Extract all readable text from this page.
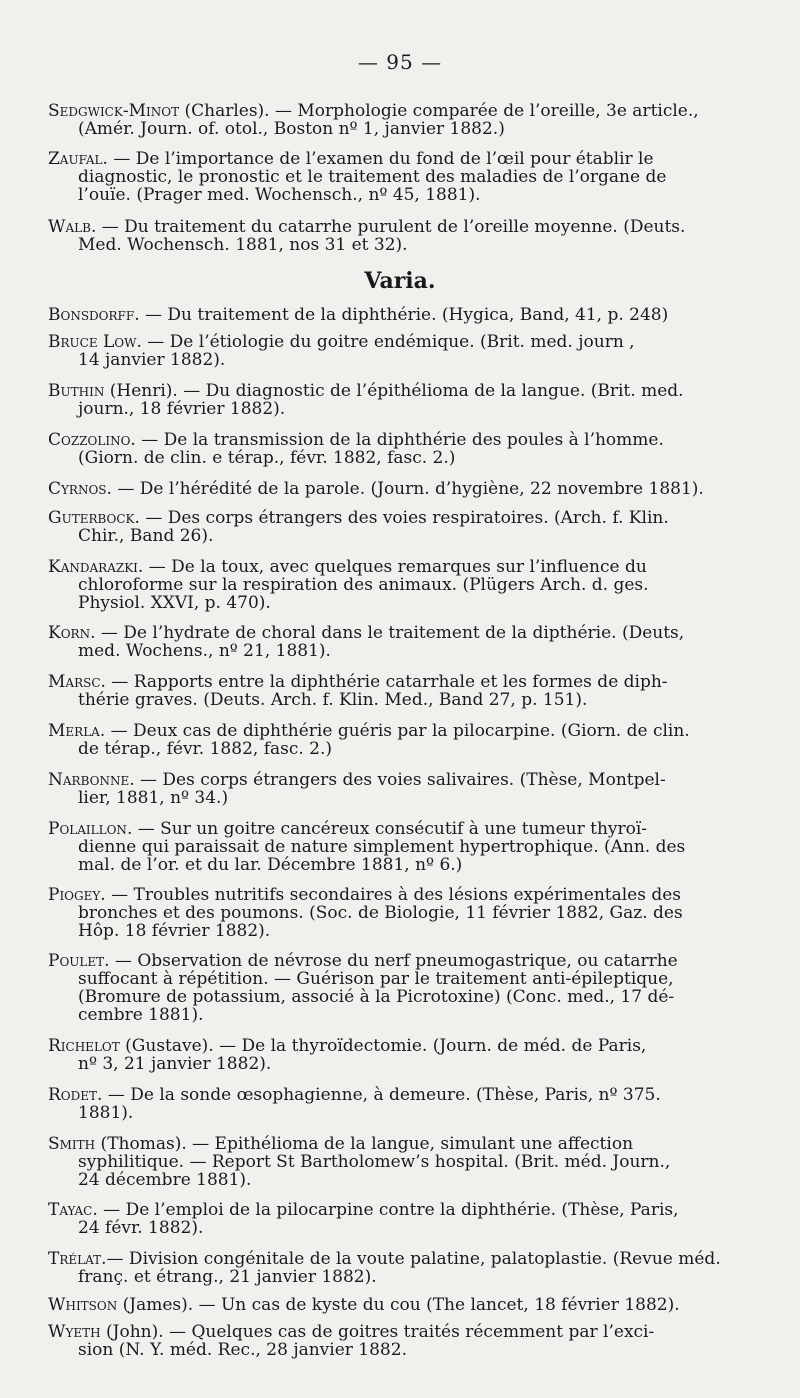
— 95 —
Varia.
Sedgwick-Minot (Charles). — Morphologie comparée de l’oreille, 3e article.,
(Amér. Journ. of. otol., Boston nº 1, janvier 1882.)
Zaufal. — De l’importance de l’examen du fond de l’œil pour établir le
diagnostic, le pronostic et le traitement des maladies de l’organe de
l’ouïe. (Prager med. Wochensch., nº 45, 1881).
Walb. — Du traitement du catarrhe purulent de l’oreille moyenne. (Deuts.
Med. Wochensch. 1881, nos 31 et 32).
Bonsdorff. — Du traitement de la diphthérie. (Hygica, Band, 41, p. 248)
Bruce Low. — De l’étiologie du goitre endémique. (Brit. med. journ ,
14 janvier 1882).
Buthin (Henri). — Du diagnostic de l’épithélioma de la langue. (Brit. med.
journ., 18 février 1882).
Cozzolino. — De la transmission de la diphthérie des poules à l’homme.
(Giorn. de clin. e térap., févr. 1882, fasc. 2.)
Cyrnos. — De l’hérédité de la parole. (Journ. d’hygiène, 22 novembre 1881).
Guterbock. — Des corps étrangers des voies respiratoires. (Arch. f. Klin.
Chir., Band 26).
Kandarazki. — De la toux, avec quelques remarques sur l’influence du
chloroforme sur la respiration des animaux. (Plügers Arch. d. ges.
Physiol. XXVI, p. 470).
Korn. — De l’hydrate de choral dans le traitement de la dipthérie. (Deuts,
med. Wochens., nº 21, 1881).
Marsc. — Rapports entre la diphthérie catarrhale et les formes de diph-
thérie graves. (Deuts. Arch. f. Klin. Med., Band 27, p. 151).
Merla. — Deux cas de diphthérie guéris par la pilocarpine. (Giorn. de clin.
de térap., févr. 1882, fasc. 2.)
Narbonne. — Des corps étrangers des voies salivaires. (Thèse, Montpel-
lier, 1881, nº 34.)
Polaillon. — Sur un goitre cancéreux consécutif à une tumeur thyroï-
dienne qui paraissait de nature simplement hypertrophique. (Ann. des
mal. de l’or. et du lar. Décembre 1881, nº 6.)
Piogey. — Troubles nutritifs secondaires à des lésions expérimentales des
bronches et des poumons. (Soc. de Biologie, 11 février 1882, Gaz. des
Hôp. 18 février 1882).
Poulet. — Observation de névrose du nerf pneumogastrique, ou catarrhe
suffocant à répétition. — Guérison par le traitement anti-épileptique,
(Bromure de potassium, associé à la Picrotoxine) (Conc. med., 17 dé-
cembre 1881).
Richelot (Gustave). — De la thyroïdectomie. (Journ. de méd. de Paris,
nº 3, 21 janvier 1882).
Rodet. — De la sonde œsophagienne, à demeure. (Thèse, Paris, nº 375.
1881).
Smith (Thomas). — Epithélioma de la langue, simulant une affection
syphilitique. — Report St Bartholomew’s hospital. (Brit. méd. Journ.,
24 décembre 1881).
Tayac. — De l’emploi de la pilocarpine contre la diphthérie. (Thèse, Paris,
24 févr. 1882).
Trélat.— Division congénitale de la voute palatine, palatoplastie. (Revue méd.
franç. et étrang., 21 janvier 1882).
Whitson (James). — Un cas de kyste du cou (The lancet, 18 février 1882).
Wyeth (John). — Quelques cas de goitres traités récemment par l’exci-
sion (N. Y. méd. Rec., 28 janvier 1882.
